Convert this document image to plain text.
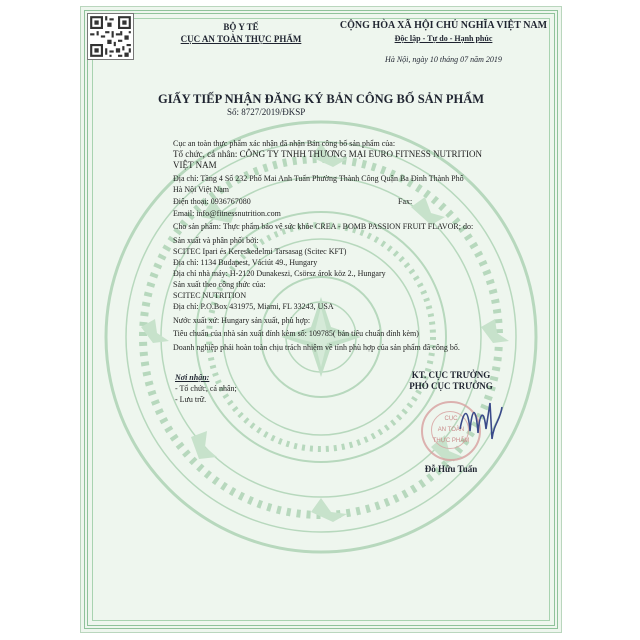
BỘ Y TẾ
CỤC AN TOÀN THỰC PHẨM
CỘNG HÒA XÃ HỘI CHỦ NGHĨA VIỆT NAM
Độc lập - Tự do - Hạnh phúc
Hà Nội, ngày 10 tháng 07 năm 2019
GIẤY TIẾP NHẬN ĐĂNG KÝ BẢN CÔNG BỐ SẢN PHẨM
Số: 8727/2019/ĐKSP
Cục an toàn thực phẩm xác nhận đã nhận Bản công bố sản phẩm của:
Tổ chức, cá nhân: CÔNG TY TNHH THƯƠNG MẠI EURO FITNESS NUTRITION
VIỆT NAM
Địa chỉ: Tầng 4 Số 232 Phố Mai Anh Tuấn Phường Thành Công Quận Ba Đình Thành Phố
Hà Nội Việt Nam
Điện thoại: 0936767080	Fax:
Email: info@fitnessnutrition.com
Cho sản phẩm: Thực phẩm bảo vệ sức khỏe CREA - BOMB PASSION FRUIT FLAVOR; do:
Sản xuất và phân phối bởi:
SCITEC Ipari és Kereskedelmi Tarsasag (Scitec KFT)
Địa chỉ: 1134 Budapest, Váciút 49., Hungary
Địa chỉ nhà máy: H-2120 Dunakeszi, Csörsz árok köz 2., Hungary
Sản xuất theo công thức của:
SCITEC NUTRITION
Địa chỉ: P.O.Box 431975, Miami, FL 33243, USA
Nước xuất xứ: Hungary sản xuất, phù hợp:
Tiêu chuẩn của nhà sản xuất đính kèm số: 109785( bản tiêu chuẩn đính kèm)
Doanh nghiệp phải hoàn toàn chịu trách nhiệm về tính phù hợp của sản phẩm đã công bố.
Nơi nhận:
- Tổ chức, cá nhân;
- Lưu trữ.
KT. CỤC TRƯỞNG
PHÓ CỤC TRƯỞNG
CỤC
AN TOÀN
THỰC PHẨM
Đỗ Hữu Tuấn
